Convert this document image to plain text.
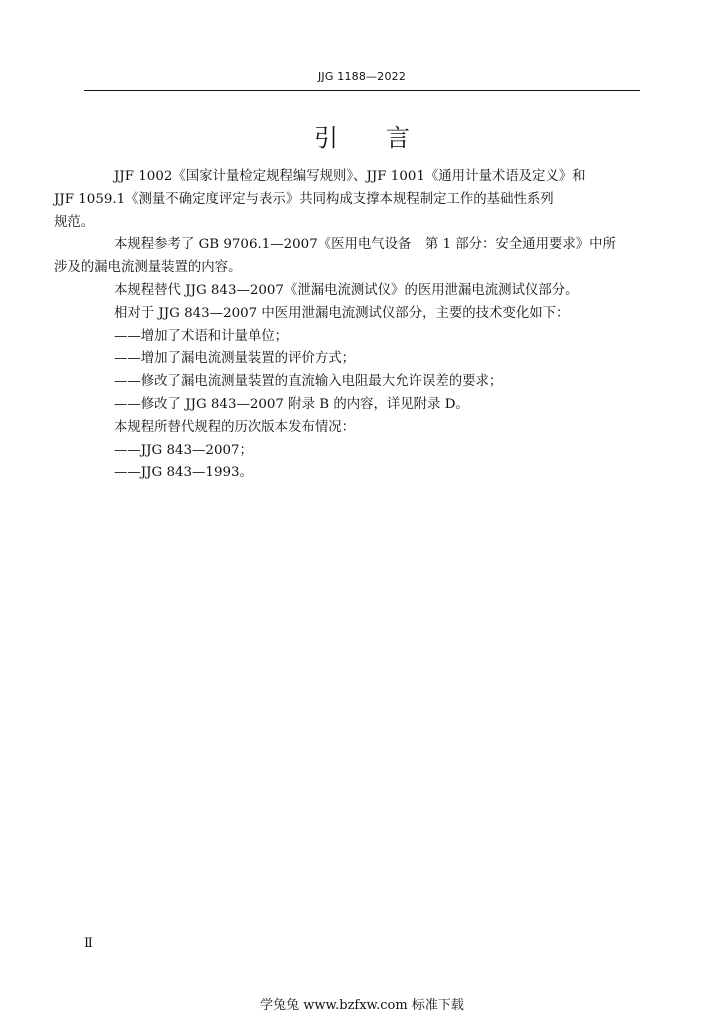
JJG 1188—2022
引言

JJF 1002《国家计量检定规程编写规则》、JJF 1001《通用计量术语及定义》和
JJF 1059.1《测量不确定度评定与表示》共同构成支撑本规程制定工作的基础性系列
规范。

本规程参考了 GB 9706.1—2007《医用电气设备　第 1 部分：安全通用要求》中所
涉及的漏电流测量装置的内容。

本规程替代 JJG 843—2007《泄漏电流测试仪》的医用泄漏电流测试仪部分。

相对于 JJG 843—2007 中医用泄漏电流测试仪部分，主要的技术变化如下：

——增加了术语和计量单位；

——增加了漏电流测量装置的评价方式；

——修改了漏电流测量装置的直流输入电阻最大允许误差的要求；

——修改了 JJG 843—2007 附录 B 的内容，详见附录 D。

本规程所替代规程的历次版本发布情况：

——JJG 843—2007；

——JJG 843—1993。

Ⅱ
学兔兔 www.bzfxw.com 标准下载
